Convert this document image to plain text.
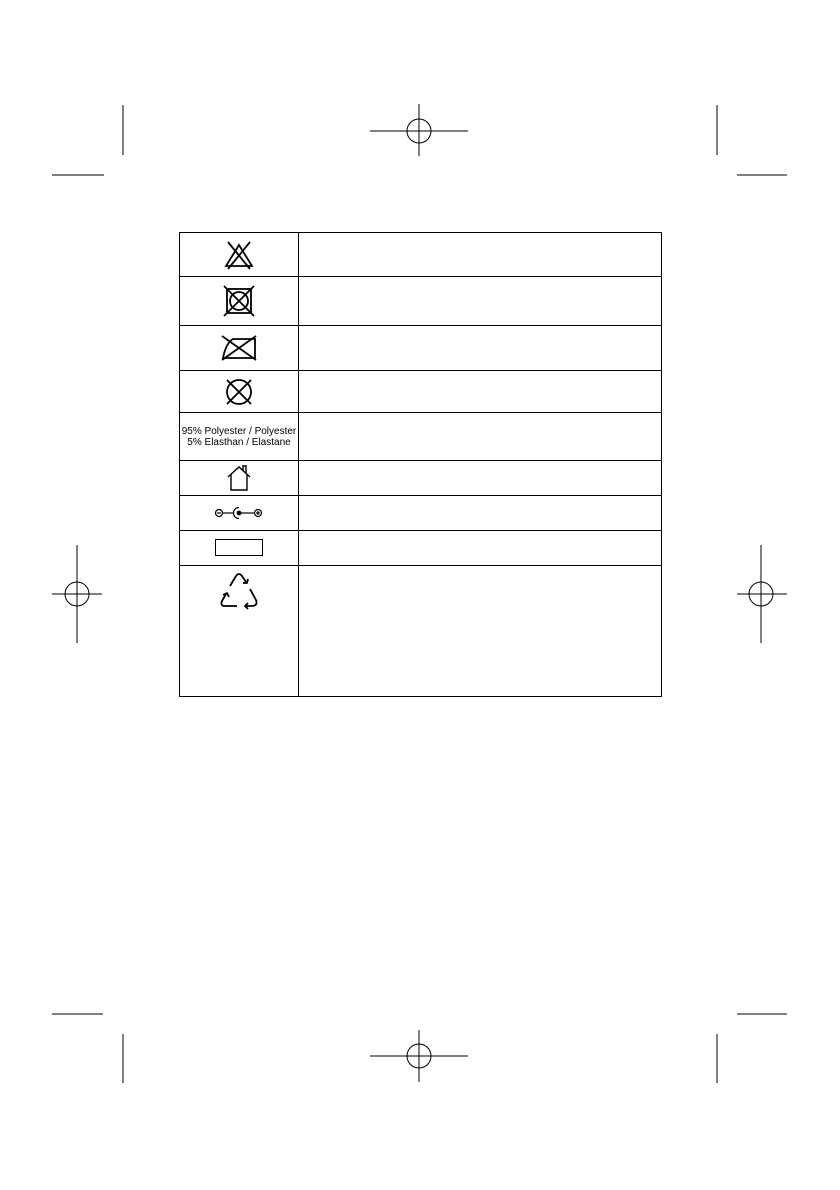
95% Polyester / Polyester
5% Elasthan / Elastane	
